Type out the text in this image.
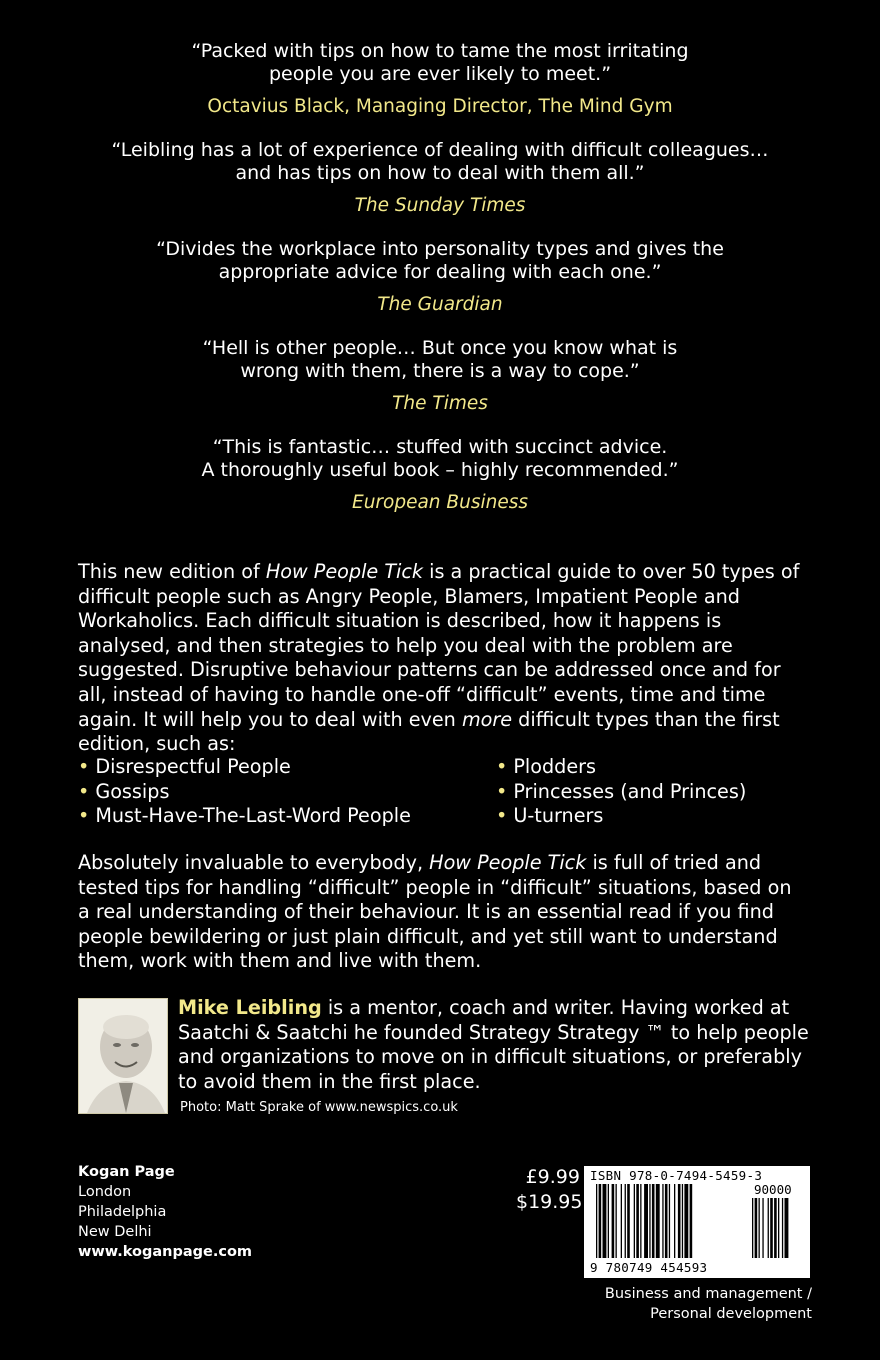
“Packed with tips on how to tame the most irritating
people you are ever likely to meet.”
Octavius Black, Managing Director, The Mind Gym
“Leibling has a lot of experience of dealing with difficult colleagues…
and has tips on how to deal with them all.”
The Sunday Times
“Divides the workplace into personality types and gives the
appropriate advice for dealing with each one.”
The Guardian
“Hell is other people… But once you know what is
wrong with them, there is a way to cope.”
The Times
“This is fantastic… stuffed with succinct advice.
A thoroughly useful book – highly recommended.”
European Business
This new edition of How People Tick is a practical guide to over 50 types of difficult people such as Angry People, Blamers, Impatient People and Workaholics. Each difficult situation is described, how it happens is analysed, and then strategies to help you deal with the problem are suggested. Disruptive behaviour patterns can be addressed once and for all, instead of having to handle one-off “difficult” events, time and time again. It will help you to deal with even more difficult types than the first edition, such as:
• Disrespectful People
• Gossips
• Must-Have-The-Last-Word People
• Plodders
• Princesses (and Princes)
• U-turners
Absolutely invaluable to everybody, How People Tick is full of tried and tested tips for handling “difficult” people in “difficult” situations, based on a real understanding of their behaviour. It is an essential read if you find people bewildering or just plain difficult, and yet still want to understand them, work with them and live with them.
Mike Leibling is a mentor, coach and writer. Having worked at Saatchi & Saatchi he founded Strategy Strategy ™ to help people and organizations to move on in difficult situations, or preferably to avoid them in the first place.
Photo: Matt Sprake of www.newspics.co.uk
Kogan Page
London
Philadelphia
New Delhi
www.koganpage.com
£9.99
$19.95
ISBN 978-0-7494-5459-3
90000
9 780749 454593
Business and management /
Personal development
